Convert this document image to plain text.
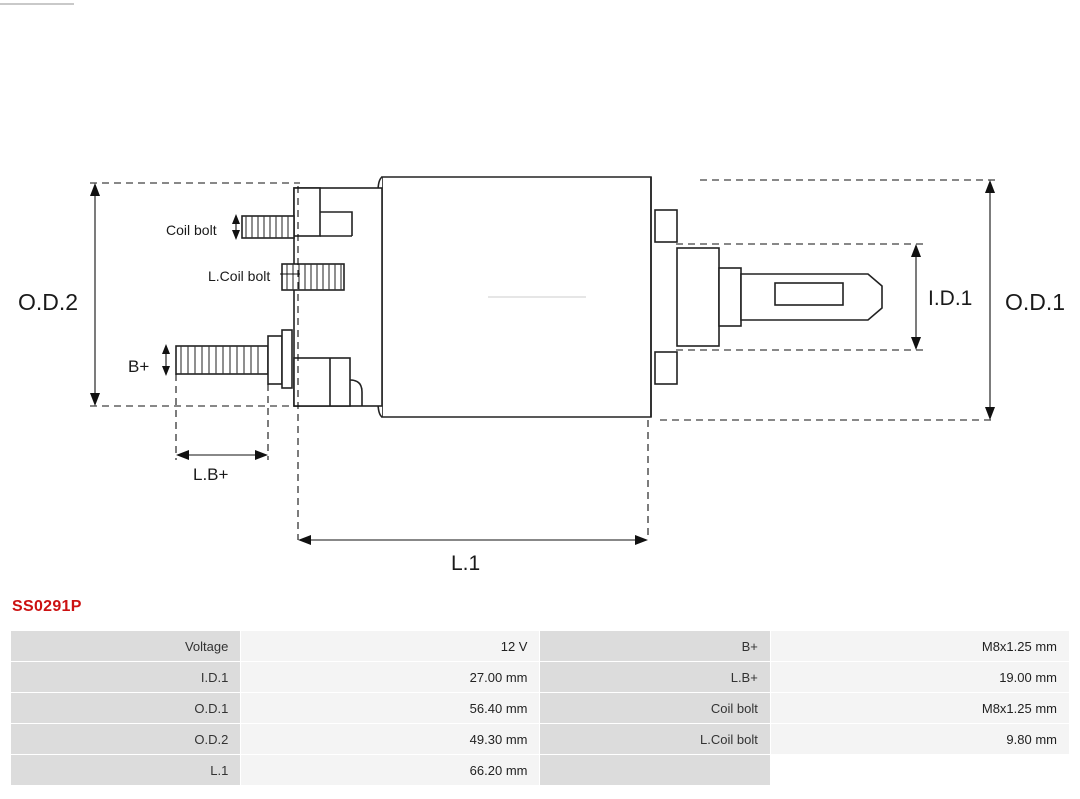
O.D.2	O.D.1
I.D.1
L.1
L.B+
B+
Coil bolt
L.Coil bolt
SS0291P
Voltage	12 V	B+	M8x1.25 mm
I.D.1	27.00 mm	L.B+	19.00 mm
O.D.1	56.40 mm	Coil bolt	M8x1.25 mm
O.D.2	49.30 mm	L.Coil bolt	9.80 mm
L.1	66.20 mm		
